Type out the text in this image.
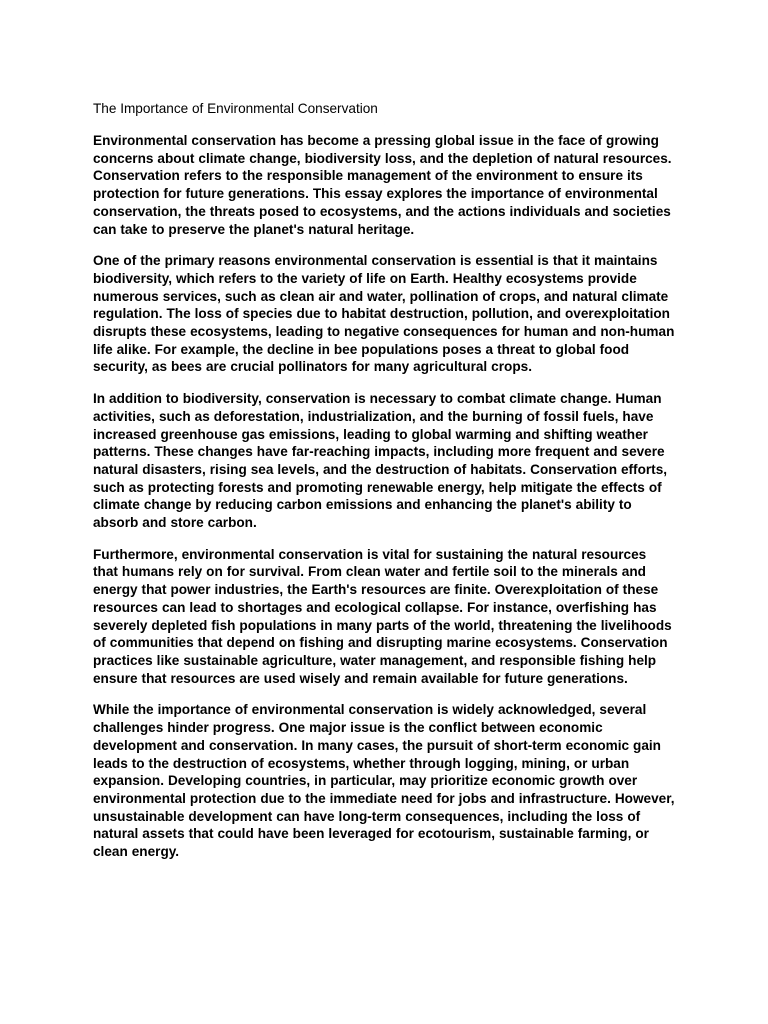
The Importance of Environmental Conservation

Environmental conservation has become a pressing global issue in the face of growing concerns about climate change, biodiversity loss, and the depletion of natural resources. Conservation refers to the responsible management of the environment to ensure its protection for future generations. This essay explores the importance of environmental conservation, the threats posed to ecosystems, and the actions individuals and societies can take to preserve the planet's natural heritage.

One of the primary reasons environmental conservation is essential is that it maintains biodiversity, which refers to the variety of life on Earth. Healthy ecosystems provide numerous services, such as clean air and water, pollination of crops, and natural climate regulation. The loss of species due to habitat destruction, pollution, and overexploitation disrupts these ecosystems, leading to negative consequences for human and non-human life alike. For example, the decline in bee populations poses a threat to global food security, as bees are crucial pollinators for many agricultural crops.

In addition to biodiversity, conservation is necessary to combat climate change. Human activities, such as deforestation, industrialization, and the burning of fossil fuels, have increased greenhouse gas emissions, leading to global warming and shifting weather patterns. These changes have far-reaching impacts, including more frequent and severe natural disasters, rising sea levels, and the destruction of habitats. Conservation efforts, such as protecting forests and promoting renewable energy, help mitigate the effects of climate change by reducing carbon emissions and enhancing the planet's ability to absorb and store carbon.

Furthermore, environmental conservation is vital for sustaining the natural resources that humans rely on for survival. From clean water and fertile soil to the minerals and energy that power industries, the Earth's resources are finite. Overexploitation of these resources can lead to shortages and ecological collapse. For instance, overfishing has severely depleted fish populations in many parts of the world, threatening the livelihoods of communities that depend on fishing and disrupting marine ecosystems. Conservation practices like sustainable agriculture, water management, and responsible fishing help ensure that resources are used wisely and remain available for future generations.

While the importance of environmental conservation is widely acknowledged, several challenges hinder progress. One major issue is the conflict between economic development and conservation. In many cases, the pursuit of short-term economic gain leads to the destruction of ecosystems, whether through logging, mining, or urban expansion. Developing countries, in particular, may prioritize economic growth over environmental protection due to the immediate need for jobs and infrastructure. However, unsustainable development can have long-term consequences, including the loss of natural assets that could have been leveraged for ecotourism, sustainable farming, or clean energy.
